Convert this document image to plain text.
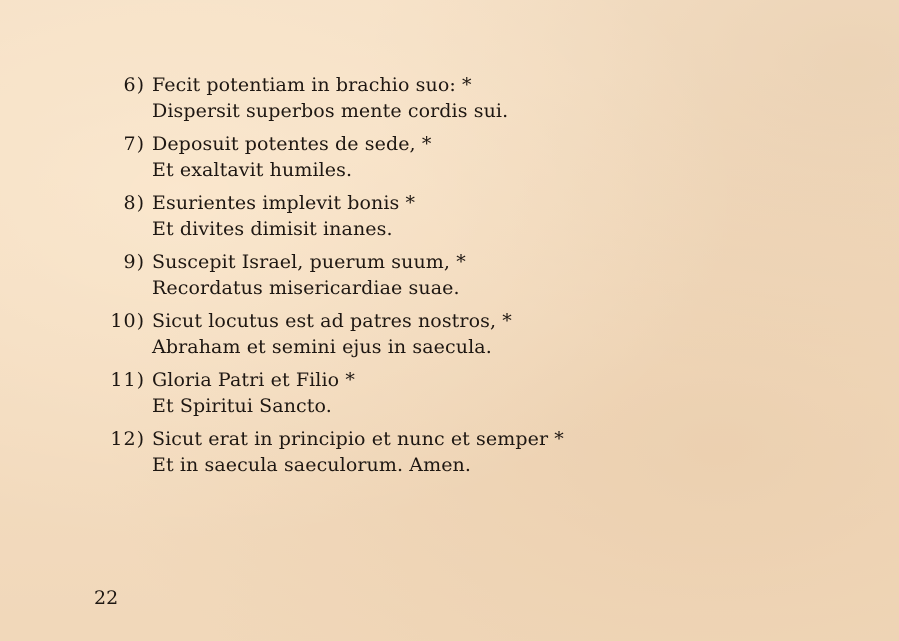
6) Fecit potentiam in brachio suo: *
Dispersit superbos mente cordis sui.
7) Deposuit potentes de sede, *
Et exaltavit humiles.
8) Esurientes implevit bonis *
Et divites dimisit inanes.
9) Suscepit Israel, puerum suum, *
Recordatus misericardiae suae.
10) Sicut locutus est ad patres nostros, *
Abraham et semini ejus in saecula.
11) Gloria Patri et Filio *
Et Spiritui Sancto.
12) Sicut erat in principio et nunc et semper *
Et in saecula saeculorum. Amen.
22
